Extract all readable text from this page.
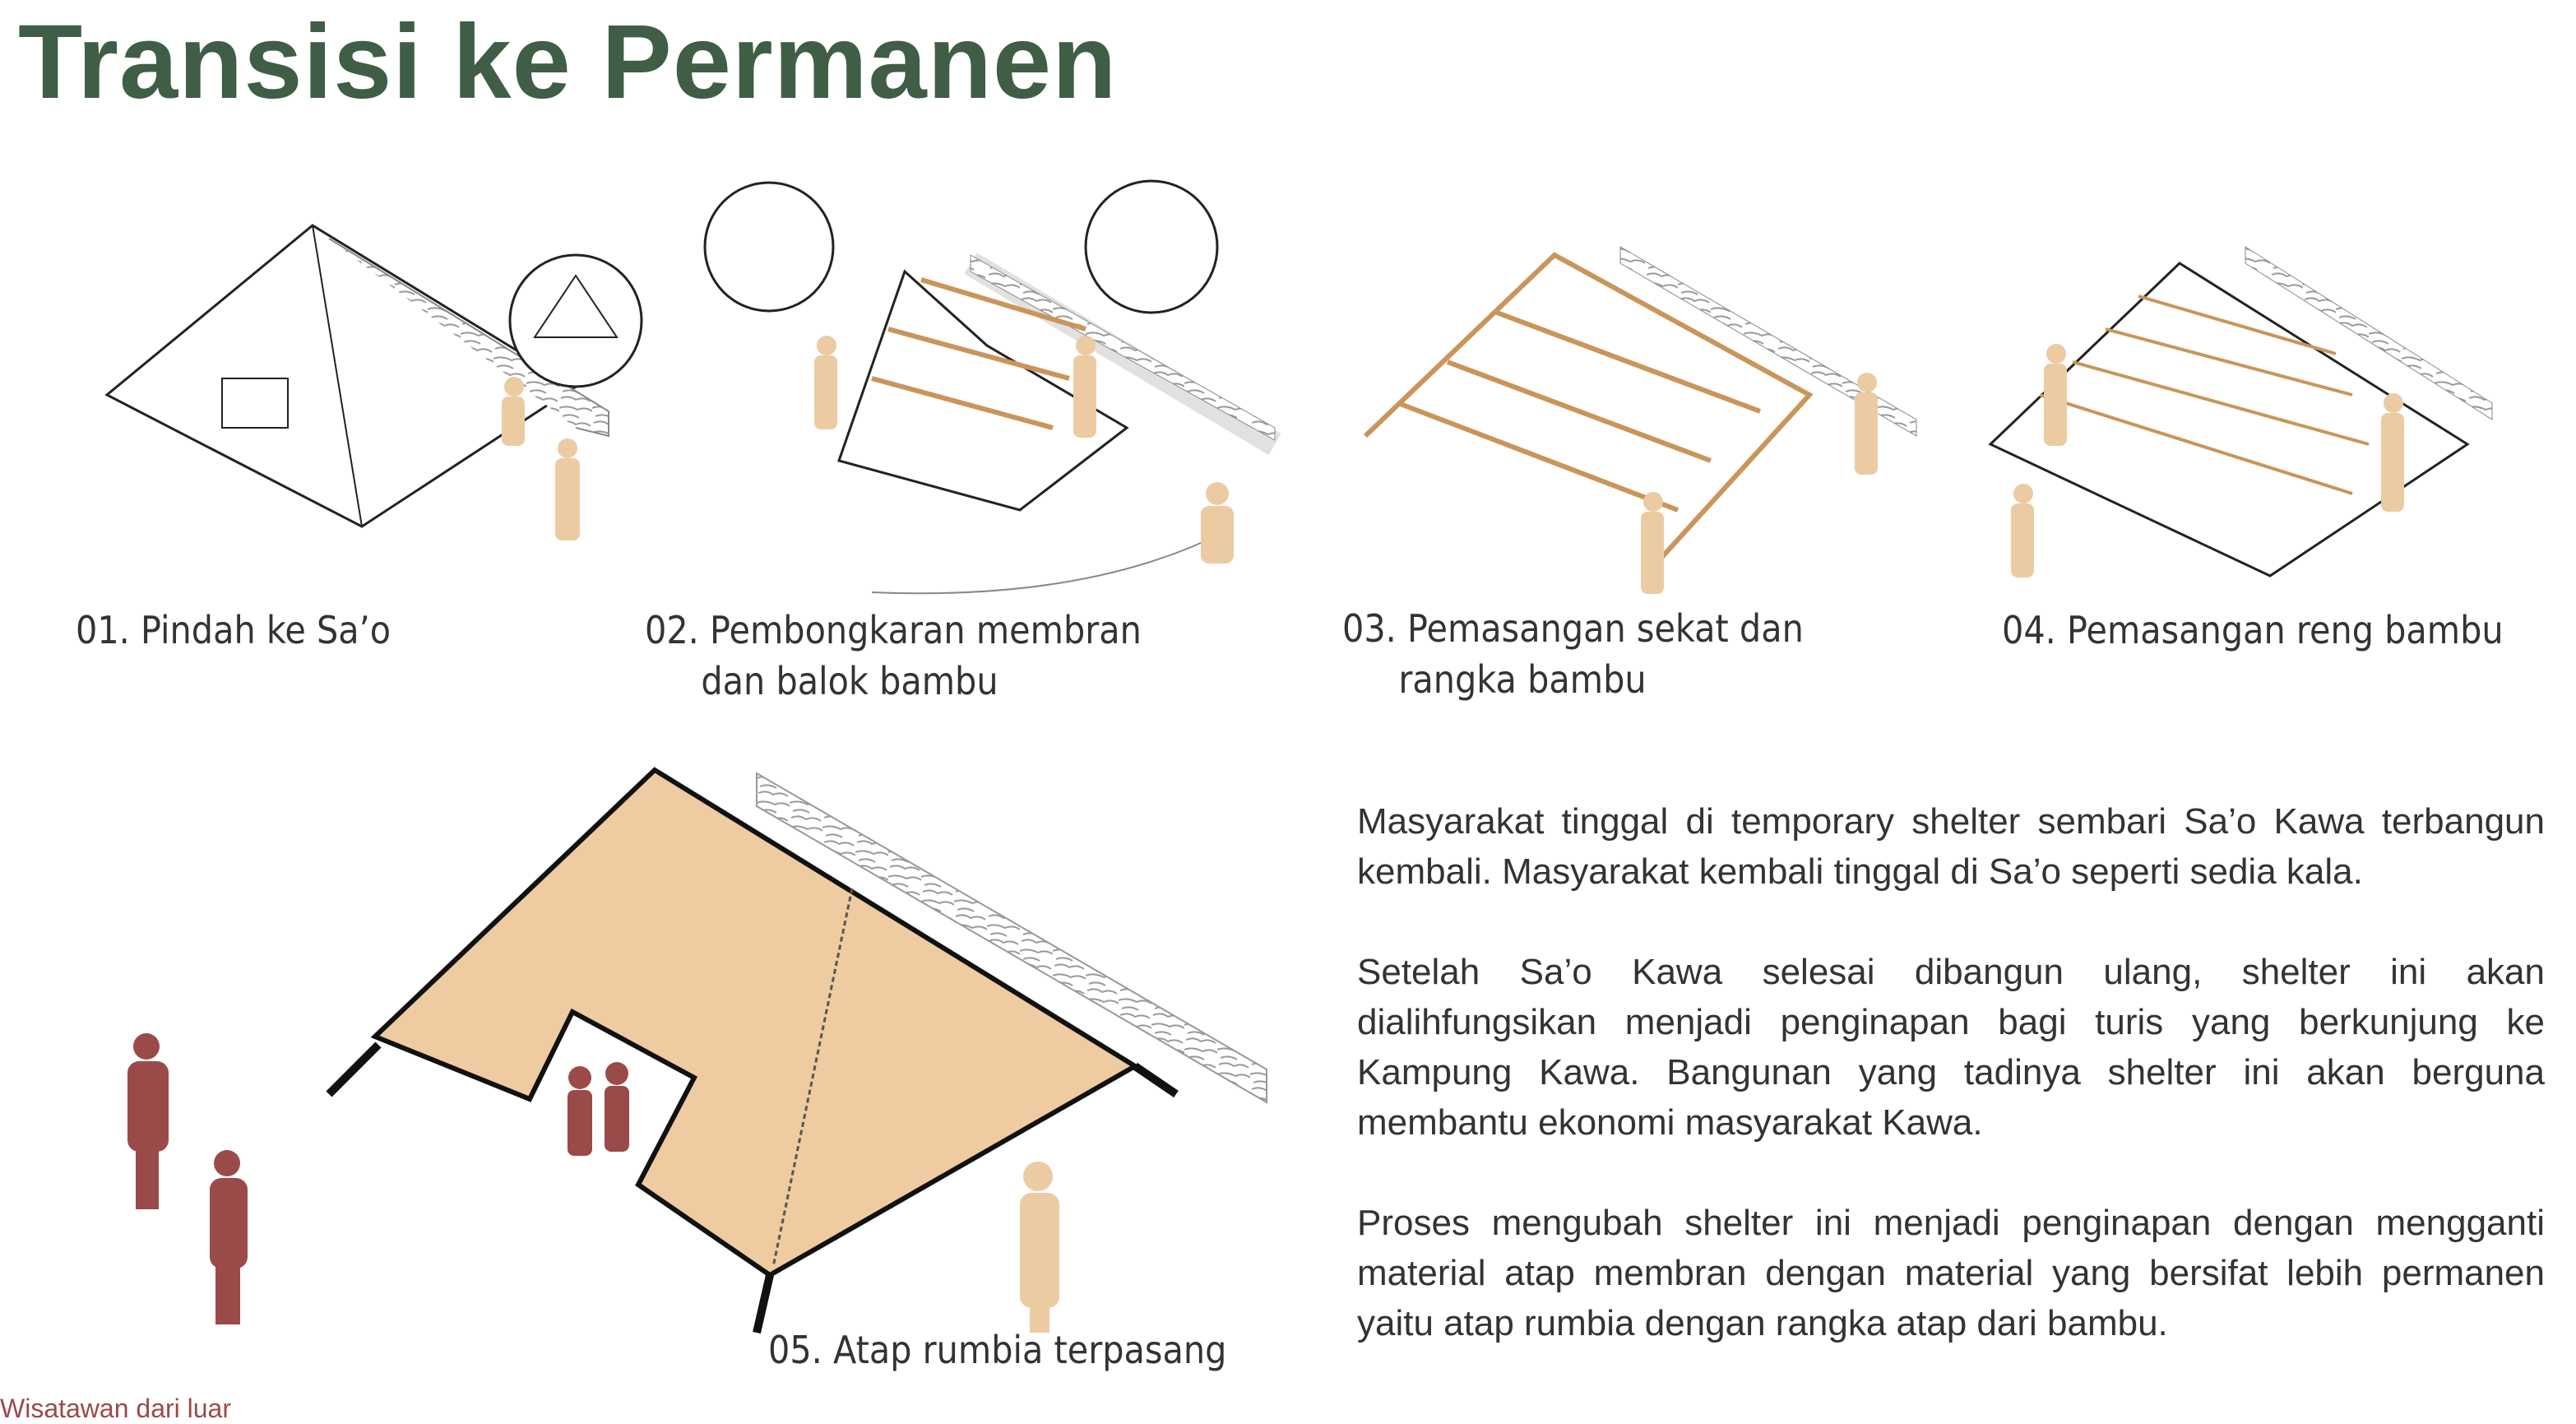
Transisi ke Permanen
01. Pindah ke Sa’o	02. Pembongkaran membran
dan balok bambu
03. Pemasangan sekat dan
rangka bambu
04. Pemasangan reng bambu
05. Atap rumbia terpasang

Masyarakat tinggal di temporary shelter sembari Sa’o Kawa terbangun kembali. Masyarakat kembali tinggal di Sa’o seperti sedia kala.

Setelah Sa’o Kawa selesai dibangun ulang, shelter ini akan dialihfungsikan menjadi penginapan bagi turis yang berkunjung ke Kampung Kawa. Bangunan yang tadinya shelter ini akan berguna membantu ekonomi masyarakat Kawa.

Proses mengubah shelter ini menjadi penginapan dengan mengganti material atap membran dengan material yang bersifat lebih permanen yaitu atap rumbia dengan rangka atap dari bambu.

Wisatawan dari luar
